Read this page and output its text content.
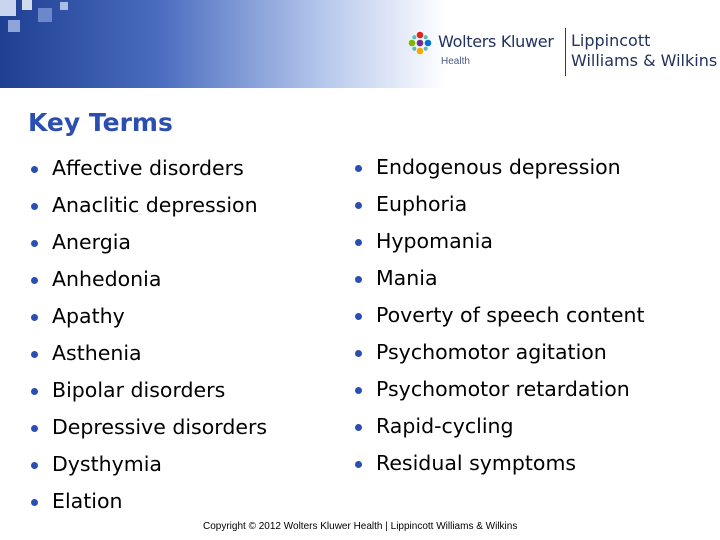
Wolters Kluwer
Health
Lippincott
Williams & Wilkins
Key Terms
Affective disorders
Anaclitic depression
Anergia
Anhedonia
Apathy
Asthenia
Bipolar disorders
Depressive disorders
Dysthymia
Elation
Endogenous depression
Euphoria
Hypomania
Mania
Poverty of speech content
Psychomotor agitation
Psychomotor retardation
Rapid-cycling
Residual symptoms
Copyright © 2012 Wolters Kluwer Health | Lippincott Williams & Wilkins
